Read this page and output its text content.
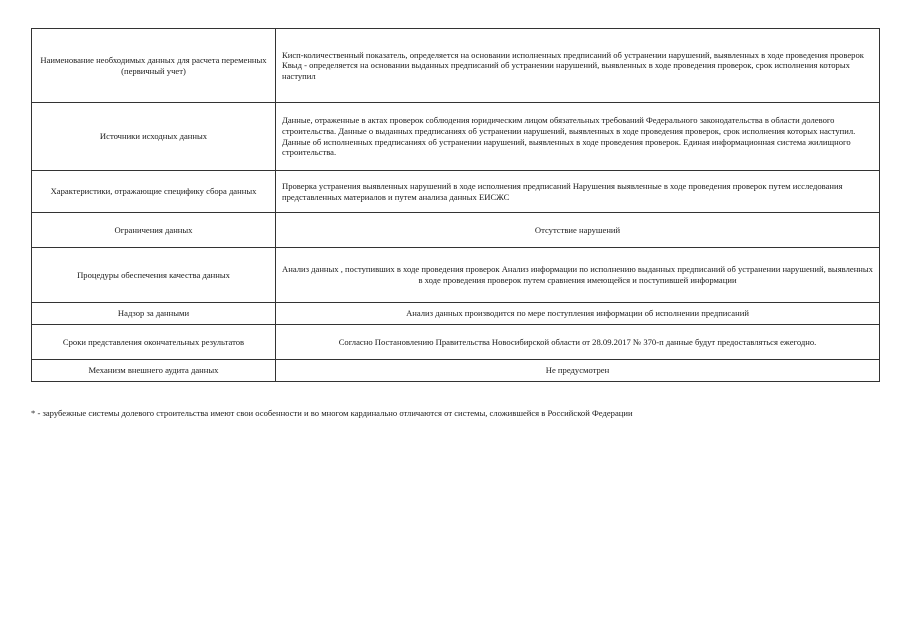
Наименование необходимых данных для расчета переменных (первичный учет)	Кисп-количественный показатель, определяется на основании исполненных предписаний об устранении нарушений, выявленных в ходе проведения проверок
Квыд - определяется на основании выданных предписаний об устранении нарушений, выявленных в ходе проведения проверок, срок исполнения которых наступил

Источники исходных данных	Данные, отраженные в актах проверок соблюдения юридическим лицом обязательных требований Федерального законодательства в области долевого строительства. Данные о выданных предписаниях об устранении нарушений, выявленных в ходе проведения проверок, срок исполнения которых наступил. Данные об исполненных предписаниях об устранении нарушений, выявленных в ходе проведения проверок. Единая информационная система жилищного строительства.

Характеристики, отражающие специфику сбора данных	Проверка устранения выявленных нарушений в ходе исполнения предписаний Нарушения выявленные в ходе проведения проверок путем исследования представленных материалов и путем анализа данных ЕИСЖС

Ограничения данных	Отсутствие нарушений

Процедуры обеспечения качества данных	Анализ данных , поступивших в ходе проведения проверок Анализ информации по исполнению выданных предписаний об устранении нарушений, выявленных в ходе проведения проверок путем сравнения имеющейся и поступившей информации

Надзор за данными	Анализ данных производится по мере поступления информации об исполнении предписаний

Сроки представления окончательных результатов	Согласно Постановлению Правительства Новосибирской области от 28.09.2017 № 370-п данные будут предоставляться ежегодно.

Механизм внешнего аудита данных	Не предусмотрен
* - зарубежные системы долевого строительства имеют свои особенности и во многом кардинально отличаются от системы, сложившейся в Российской Федерации
